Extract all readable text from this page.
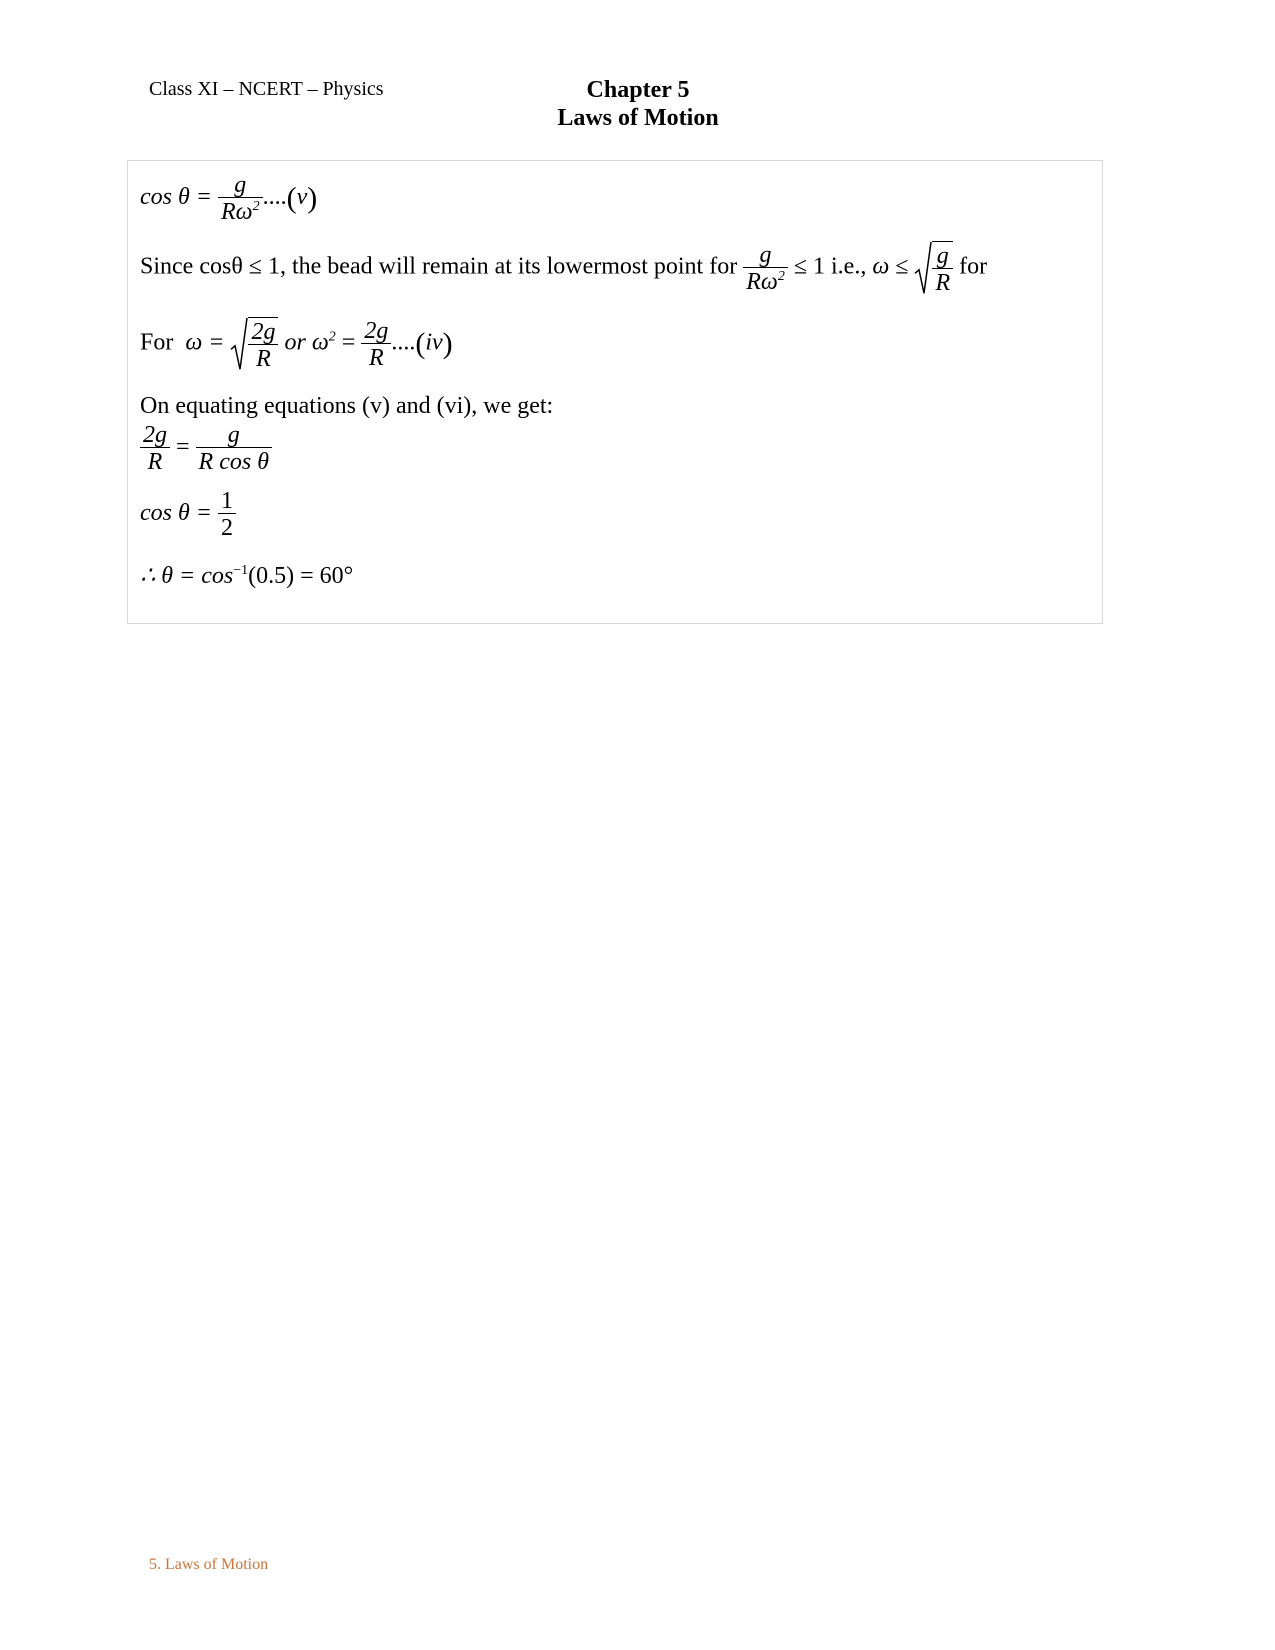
Class XI – NCERT – Physics	Chapter 5
Laws of Motion
$\cos \theta = \frac{g}{R\omega^2} ....(v)$
Since cosθ ≤ 1, the bead will remain at its lowermost point for $\frac{g}{R\omega^2} \le 1$ i.e., $\omega \le \frac{g}{R}$ for
For $\omega = \frac{2g}{R}$ or $\omega^2 = \frac{2g}{R} ....(iv)$
On equating equations (v) and (vi), we get:
$\frac{2g}{R} = \frac{g}{\text{R cos θ}}$
$\cos \theta = \frac{1}{2}$
∴ $\theta = \cos^{-1}(0.5) = 60^\circ$
5. Laws of Motion
